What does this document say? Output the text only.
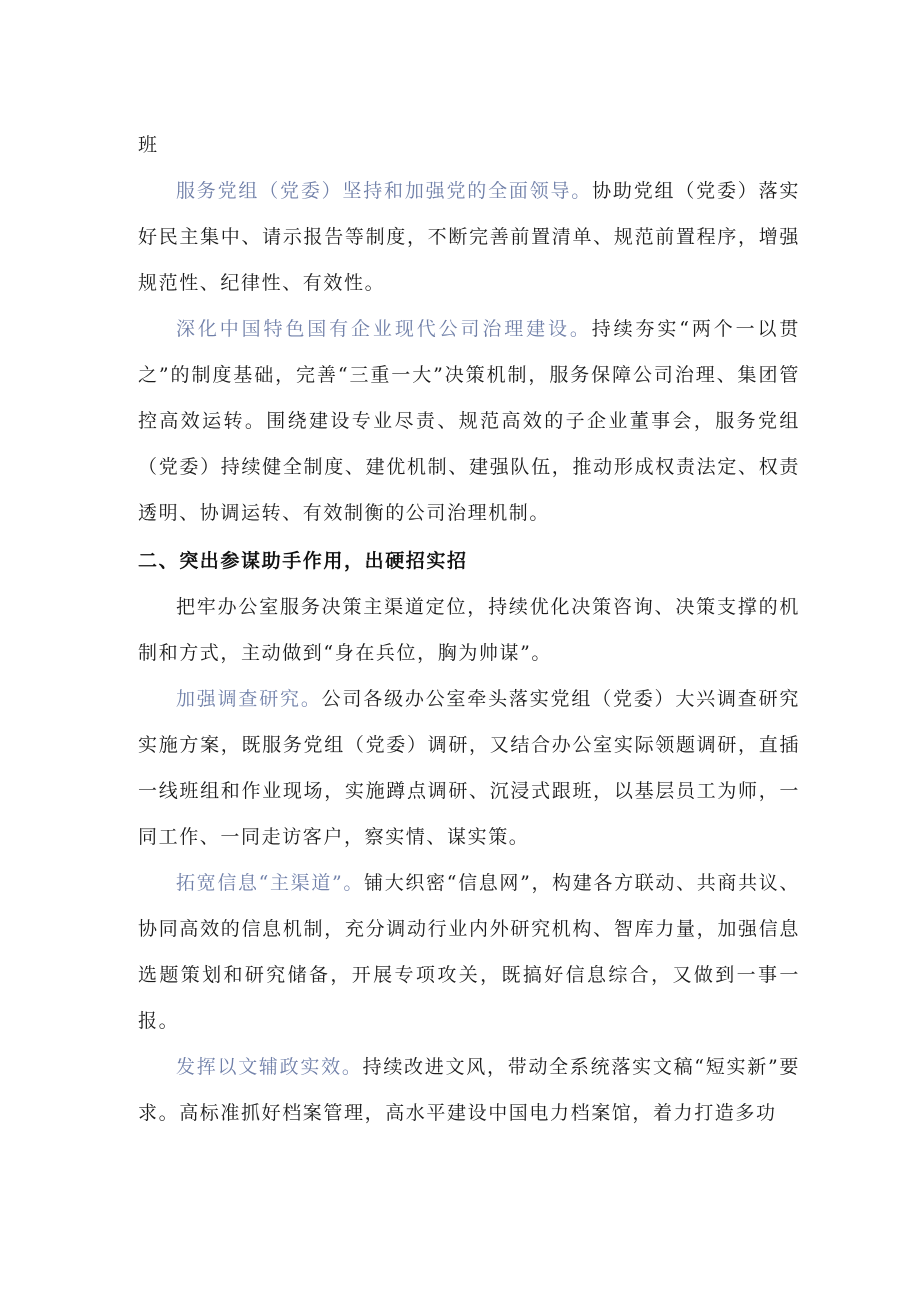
班
服务党组（党委）坚持和加强党的全面领导。协助党组（党委）落实好民主集中、请示报告等制度，不断完善前置清单、规范前置程序，增强规范性、纪律性、有效性。
深化中国特色国有企业现代公司治理建设。持续夯实“两个一以贯之”的制度基础，完善“三重一大”决策机制，服务保障公司治理、集团管控高效运转。围绕建设专业尽责、规范高效的子企业董事会，服务党组（党委）持续健全制度、建优机制、建强队伍，推动形成权责法定、权责透明、协调运转、有效制衡的公司治理机制。
二、突出参谋助手作用，出硬招实招
把牢办公室服务决策主渠道定位，持续优化决策咨询、决策支撑的机制和方式，主动做到“身在兵位，胸为帅谋”。
加强调查研究。公司各级办公室牵头落实党组（党委）大兴调查研究实施方案，既服务党组（党委）调研，又结合办公室实际领题调研，直插一线班组和作业现场，实施蹲点调研、沉浸式跟班，以基层员工为师，一同工作、一同走访客户，察实情、谋实策。
拓宽信息“主渠道”。铺大织密“信息网”，构建各方联动、共商共议、协同高效的信息机制，充分调动行业内外研究机构、智库力量，加强信息选题策划和研究储备，开展专项攻关，既搞好信息综合，又做到一事一报。
发挥以文辅政实效。持续改进文风，带动全系统落实文稿“短实新”要求。高标准抓好档案管理，高水平建设中国电力档案馆，着力打造多功
